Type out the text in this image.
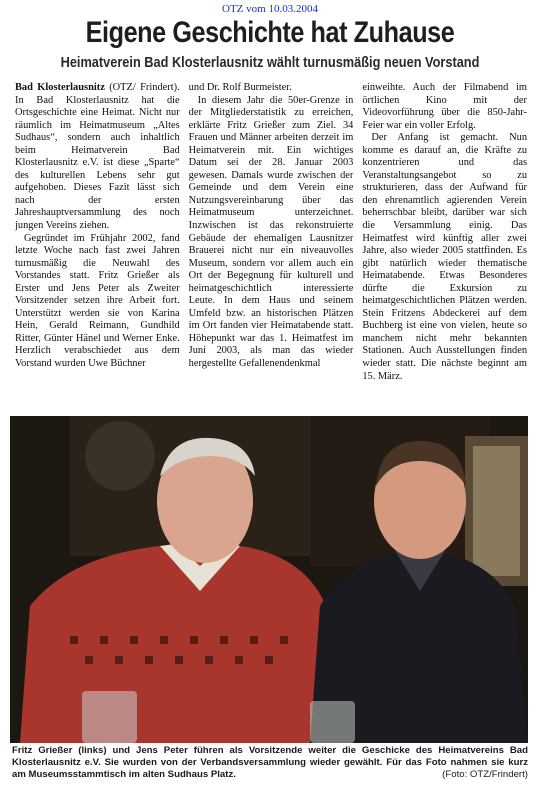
OTZ vom 10.03.2004
Eigene Geschichte hat Zuhause
Heimatverein Bad Klosterlausnitz wählt turnusmäßig neuen Vorstand

Bad Klosterlausnitz (OTZ/ Frindert). In Bad Klosterlausnitz hat die Ortsgeschichte eine Heimat. Nicht nur räumlich im Heimatmuseum „Altes Sudhaus“, sondern auch inhaltlich beim Heimatverein Bad Klosterlausnitz e.V. ist diese „Sparte“ des kulturellen Lebens sehr gut aufgehoben. Dieses Fazit lässt sich nach der ersten Jahreshauptversammlung des noch jungen Vereins ziehen.

Gegründet im Frühjahr 2002, fand letzte Woche nach fast zwei Jahren turnusmäßig die Neuwahl des Vorstandes statt. Fritz Grießer als Erster und Jens Peter als Zweiter Vorsitzender setzen ihre Arbeit fort. Unterstützt werden sie von Karina Hein, Gerald Reimann, Gundhild Ritter, Günter Hänel und Werner Enke. Herzlich verabschiedet aus dem Vorstand wurden Uwe Büchner

und Dr. Rolf Burmeister.

In diesem Jahr die 50er-Grenze in der Mitgliederstatistik zu erreichen, erklärte Fritz Grießer zum Ziel. 34 Frauen und Männer arbeiten derzeit im Heimatverein mit. Ein wichtiges Datum sei der 28. Januar 2003 gewesen. Damals wurde zwischen der Gemeinde und dem Verein eine Nutzungsvereinbarung über das Heimatmuseum unterzeichnet. Inzwischen ist das rekonstruierte Gebäude der ehemaligen Lausnitzer Brauerei nicht nur ein niveauvolles Museum, sondern vor allem auch ein Ort der Begegnung für kulturell und heimatgeschichtlich interessierte Leute. In dem Haus und seinem Umfeld bzw. an historischen Plätzen im Ort fanden vier Heimatabende statt. Höhepunkt war das 1. Heimatfest im Juni 2003, als man das wieder hergestellte Gefallenendenkmal

einweihte. Auch der Filmabend im örtlichen Kino mit der Videovorführung über die 850-Jahr-Feier war ein voller Erfolg.

Der Anfang ist gemacht. Nun komme es darauf an, die Kräfte zu konzentrieren und das Veranstaltungsangebot so zu strukturieren, dass der Aufwand für den ehrenamtlich agierenden Verein beherrschbar bleibt, darüber war sich die Versammlung einig. Das Heimatfest wird künftig aller zwei Jahre, also wieder 2005 stattfinden. Es gibt natürlich wieder thematische Heimatabende. Etwas Besonderes dürfte die Exkursion zu heimatgeschichtlichen Plätzen werden. Stein Fritzens Abdeckerei auf dem Buchberg ist eine von vielen, heute so manchem nicht mehr bekannten Stationen. Auch Ausstellungen finden wieder statt. Die nächste beginnt am 15. März.

Fritz Grießer (links) und Jens Peter führen als Vorsitzende weiter die Geschicke des Heimatvereins Bad Klosterlausnitz e.V. Sie wurden von der Verbandsversammlung wieder gewählt. Für das Foto nahmen sie kurz am Museumsstammtisch im alten Sudhaus Platz.	(Foto: OTZ/Frindert)
